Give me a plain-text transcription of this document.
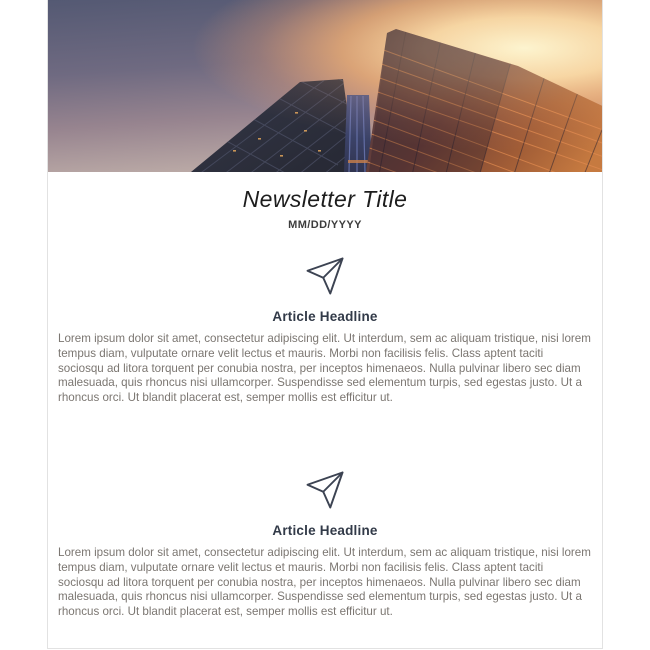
Newsletter Title
MM/DD/YYYY
Article Headline
Lorem ipsum dolor sit amet, consectetur adipiscing elit. Ut interdum, sem ac aliquam tristique, nisi lorem tempus diam, vulputate ornare velit lectus et mauris. Morbi non facilisis felis. Class aptent taciti sociosqu ad litora torquent per conubia nostra, per inceptos himenaeos. Nulla pulvinar libero sec diam malesuada, quis rhoncus nisi ullamcorper. Suspendisse sed elementum turpis, sed egestas justo. Ut a rhoncus orci. Ut blandit placerat est, semper mollis est efficitur ut.
Article Headline
Lorem ipsum dolor sit amet, consectetur adipiscing elit. Ut interdum, sem ac aliquam tristique, nisi lorem tempus diam, vulputate ornare velit lectus et mauris. Morbi non facilisis felis. Class aptent taciti sociosqu ad litora torquent per conubia nostra, per inceptos himenaeos. Nulla pulvinar libero sec diam malesuada, quis rhoncus nisi ullamcorper. Suspendisse sed elementum turpis, sed egestas justo. Ut a rhoncus orci. Ut blandit placerat est, semper mollis est efficitur ut.
